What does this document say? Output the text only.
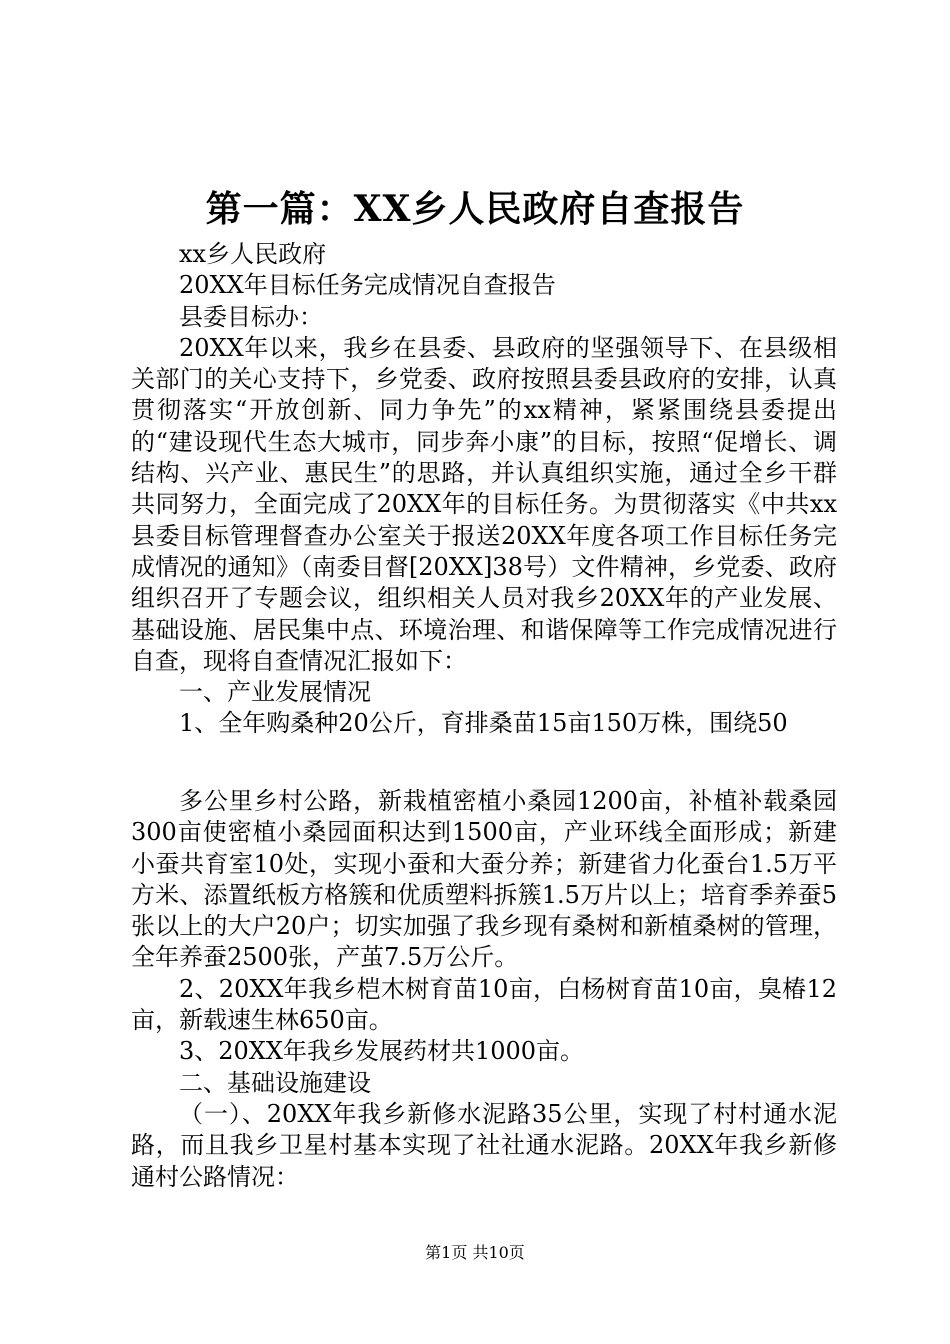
第一篇：XX乡人民政府自查报告

xx乡人民政府

20XX年目标任务完成情况自查报告

县委目标办：

20XX年以来，我乡在县委、县政府的坚强领导下、在县级相关部门的关心支持下，乡党委、政府按照县委县政府的安排，认真贯彻落实“开放创新、同力争先”的xx精神，紧紧围绕县委提出的“建设现代生态大城市，同步奔小康”的目标，按照“促增长、调结构、兴产业、惠民生”的思路，并认真组织实施，通过全乡干群共同努力，全面完成了20XX年的目标任务。为贯彻落实《中共xx县委目标管理督查办公室关于报送20XX年度各项工作目标任务完成情况的通知》（南委目督[20XX]38号）文件精神，乡党委、政府组织召开了专题会议，组织相关人员对我乡20XX年的产业发展、基础设施、居民集中点、环境治理、和谐保障等工作完成情况进行自查，现将自查情况汇报如下：

一、产业发展情况

1、全年购桑种20公斤，育排桑苗15亩150万株，围绕50

多公里乡村公路，新栽植密植小桑园1200亩，补植补载桑园300亩使密植小桑园面积达到1500亩，产业环线全面形成；新建小蚕共育室10处，实现小蚕和大蚕分养；新建省力化蚕台1.5万平方米、添置纸板方格簇和优质塑料拆簇1.5万片以上；培育季养蚕5张以上的大户20户；切实加强了我乡现有桑树和新植桑树的管理，全年养蚕2500张，产茧7.5万公斤。

2、20XX年我乡桤木树育苗10亩，白杨树育苗10亩，臭椿12亩，新载速生林650亩。

3、20XX年我乡发展药材共1000亩。

二、基础设施建设

（一）、20XX年我乡新修水泥路35公里，实现了村村通水泥路，而且我乡卫星村基本实现了社社通水泥路。20XX年我乡新修通村公路情况：

第1页 共10页
